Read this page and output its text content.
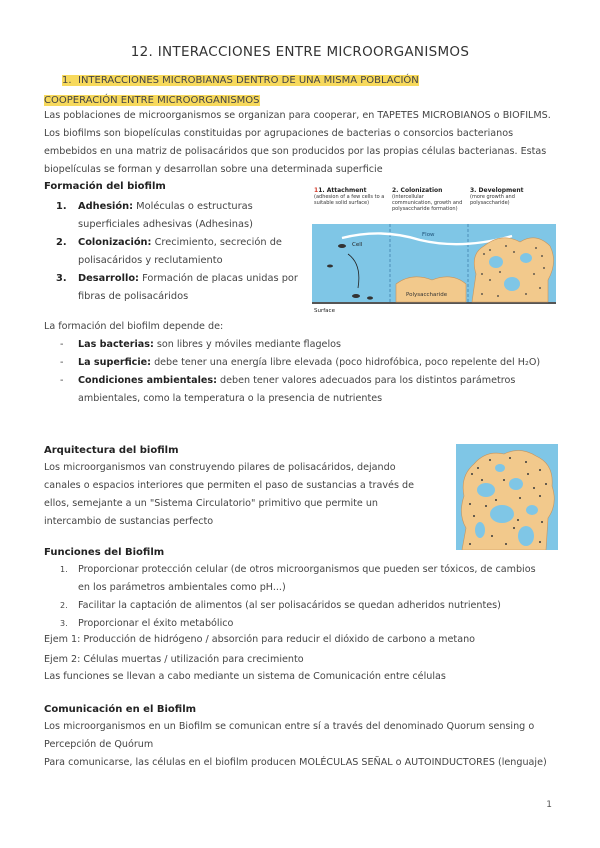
12. INTERACCIONES ENTRE MICROORGANISMOS
1. INTERACCIONES MICROBIANAS DENTRO DE UNA MISMA POBLACIÓN
COOPERACIÓN ENTRE MICROORGANISMOS
Las poblaciones de microorganismos se organizan para cooperar, en TAPETES MICROBIANOS o BIOFILMS. Los biofilms son biopelículas constituidas por agrupaciones de bacterias o consorcios bacterianos embebidos en una matriz de polisacáridos que son producidos por las propias células bacterianas. Estas biopelículas se forman y desarrollan sobre una determinada superficie
Formación del biofilm
1.	Adhesión: Moléculas o estructuras superficiales adhesivas (Adhesinas)
2.	Colonización: Crecimiento, secreción de polisacáridos y reclutamiento
3.	Desarrollo: Formación de placas unidas por fibras de polisacáridos
11. Attachment	2. Colonization	3. Development
(adhesion of a few cells to a suitable solid surface)
(intercellular communication, growth and polysaccharide formation)
(more growth and polysaccharide)
Cell
Flow
Polysaccharide
Surface
La formación del biofilm depende de:
-	Las bacterias: son libres y móviles mediante flagelos
-	La superficie: debe tener una energía libre elevada (poco hidrofóbica, poco repelente del H₂O)
-	Condiciones ambientales: deben tener valores adecuados para los distintos parámetros ambientales, como la temperatura o la presencia de nutrientes
Arquitectura del biofilm
Los microorganismos van construyendo pilares de polisacáridos, dejando canales o espacios interiores que permiten el paso de sustancias a través de ellos, semejante a un "Sistema Circulatorio" primitivo que permite un intercambio de sustancias perfecto
Funciones del Biofilm
1.	Proporcionar protección celular (de otros microorganismos que pueden ser tóxicos, de cambios en los parámetros ambientales como pH...)
2.	Facilitar la captación de alimentos (al ser polisacáridos se quedan adheridos nutrientes)
3.	Proporcionar el éxito metabólico
Ejem 1: Producción de hidrógeno / absorción para reducir el dióxido de carbono a metano
Ejem 2: Células muertas / utilización para crecimiento
Las funciones se llevan a cabo mediante un sistema de Comunicación entre células
Comunicación en el Biofilm
Los microorganismos en un Biofilm se comunican entre sí a través del denominado Quorum sensing o Percepción de Quórum
Para comunicarse, las células en el biofilm producen MOLÉCULAS SEÑAL o AUTOINDUCTORES (lenguaje)
1
